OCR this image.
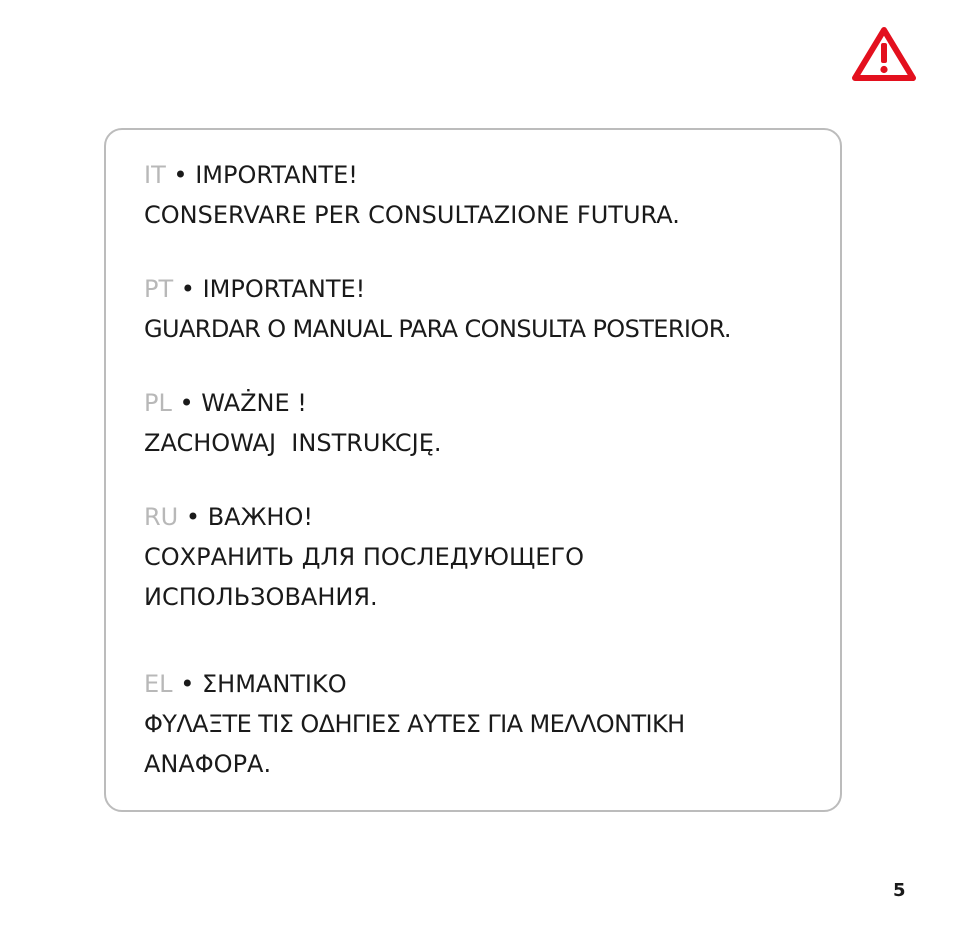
IT • IMPORTANTE!
CONSERVARE PER CONSULTAZIONE FUTURA.
PT • IMPORTANTE!
GUARDAR O MANUAL PARA CONSULTA POSTERIOR.
PL • WAŻNE !
ZACHOWAJ  INSTRUKCJĘ.
RU • ВАЖНО!
СОХРАНИТЬ ДЛЯ ПОСЛЕДУЮЩЕГО
ИСПОЛЬЗОВАНИЯ.
EL • ΣΗΜΑΝΤΙΚΟ
ΦΥΛΑΞΤΕ ΤΙΣ ΟΔΗΓΙΕΣ ΑΥΤΕΣ ΓΙΑ ΜΕΛΛΟΝΤΙΚΗ
ΑΝΑΦΟΡΑ.
5
